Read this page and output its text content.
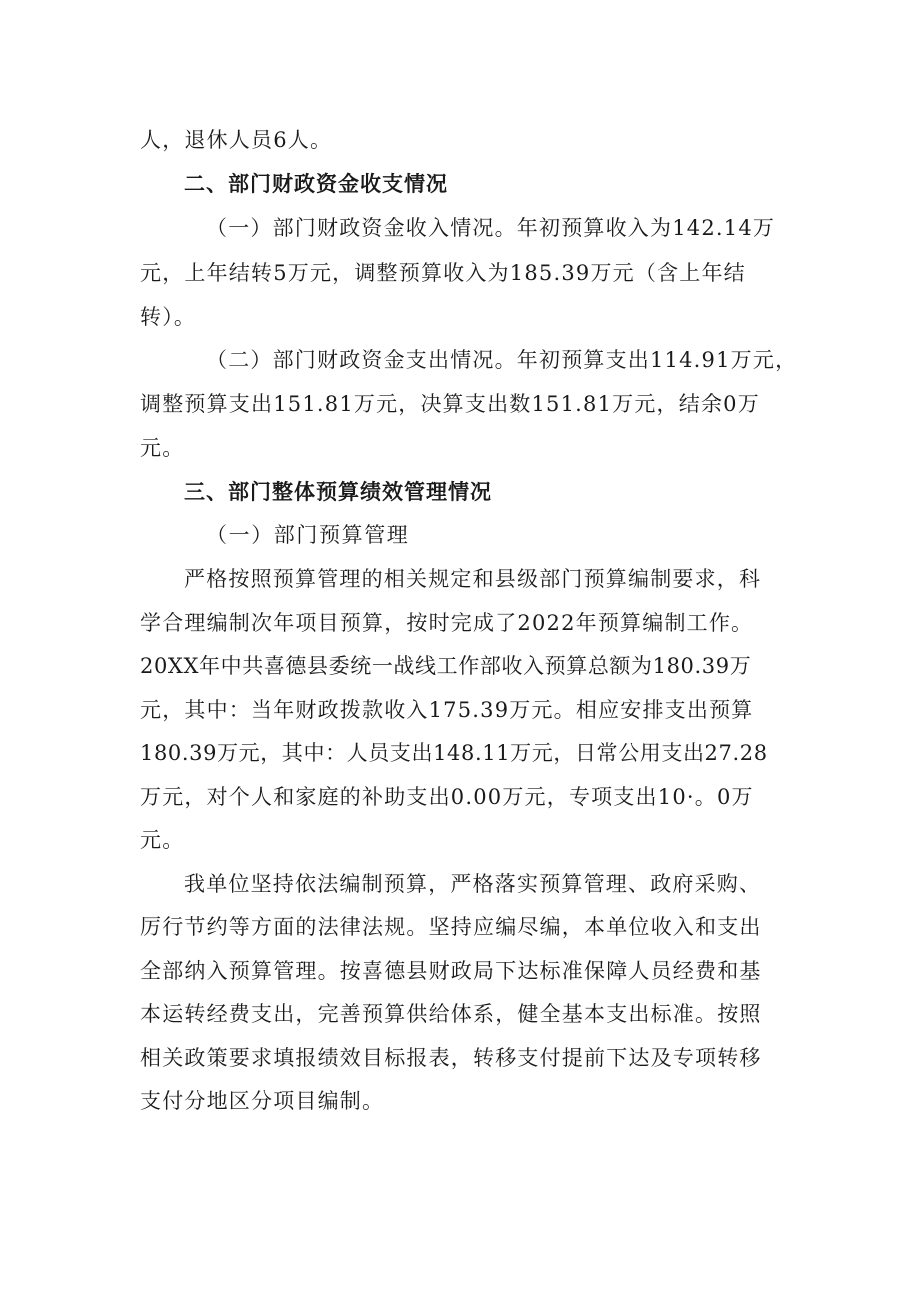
人，退休人员6人。
二、部门财政资金收支情况
（一）部门财政资金收入情况。年初预算收入为142.14万
元，上年结转5万元，调整预算收入为185.39万元（含上年结
转）。
（二）部门财政资金支出情况。年初预算支出114.91万元，
调整预算支出151.81万元，决算支出数151.81万元，结余0万
元。
三、部门整体预算绩效管理情况
（一）部门预算管理
严格按照预算管理的相关规定和县级部门预算编制要求，科
学合理编制次年项目预算，按时完成了2022年预算编制工作。
20XX年中共喜德县委统一战线工作部收入预算总额为180.39万
元，其中：当年财政拨款收入175.39万元。相应安排支出预算
180.39万元，其中：人员支出148.11万元，日常公用支出27.28
万元，对个人和家庭的补助支出0.00万元，专项支出10·。0万
元。
我单位坚持依法编制预算，严格落实预算管理、政府采购、
厉行节约等方面的法律法规。坚持应编尽编，本单位收入和支出
全部纳入预算管理。按喜德县财政局下达标准保障人员经费和基
本运转经费支出，完善预算供给体系，健全基本支出标准。按照
相关政策要求填报绩效目标报表，转移支付提前下达及专项转移
支付分地区分项目编制。
